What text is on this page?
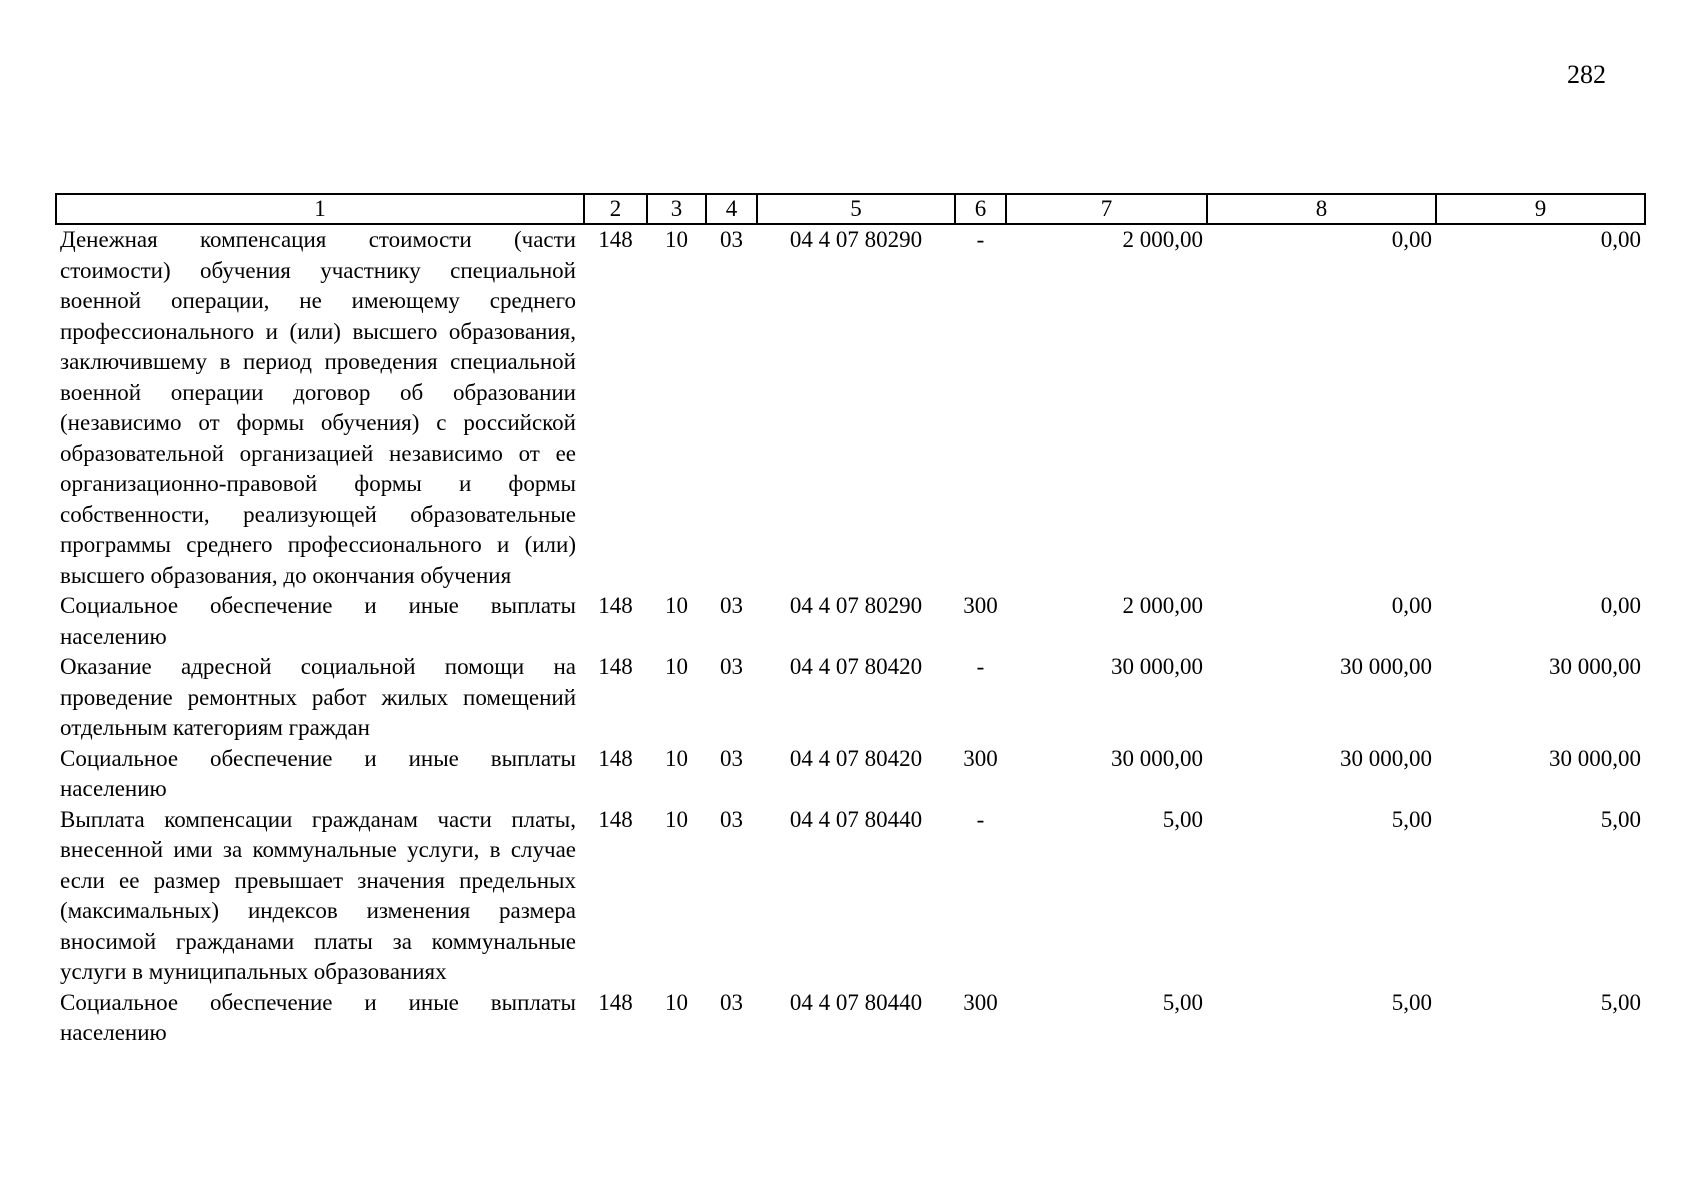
282
1	2	3	4	5	6	7	8	9
Денежная компенсация стоимости (части стоимости) обучения участнику специальной военной операции, не имеющему среднего профессионального и (или) высшего образования, заключившему в период проведения специальной военной операции договор об образовании (независимо от формы обучения) с российской образовательной организацией независимо от ее организационно-правовой формы и формы собственности, реализующей образовательные программы среднего профессионального и (или) высшего образования, до окончания обучения	148	10	03	04 4 07 80290	-	2 000,00	0,00	0,00
Социальное обеспечение и иные выплаты населению	148	10	03	04 4 07 80290	300	2 000,00	0,00	0,00
Оказание адресной социальной помощи на проведение ремонтных работ жилых помещений отдельным категориям граждан	148	10	03	04 4 07 80420	-	30 000,00	30 000,00	30 000,00
Социальное обеспечение и иные выплаты населению	148	10	03	04 4 07 80420	300	30 000,00	30 000,00	30 000,00
Выплата компенсации гражданам части платы, внесенной ими за коммунальные услуги, в случае если ее размер превышает значения предельных (максимальных) индексов изменения размера вносимой гражданами платы за коммунальные услуги в муниципальных образованиях	148	10	03	04 4 07 80440	-	5,00	5,00	5,00
Социальное обеспечение и иные выплаты населению	148	10	03	04 4 07 80440	300	5,00	5,00	5,00
